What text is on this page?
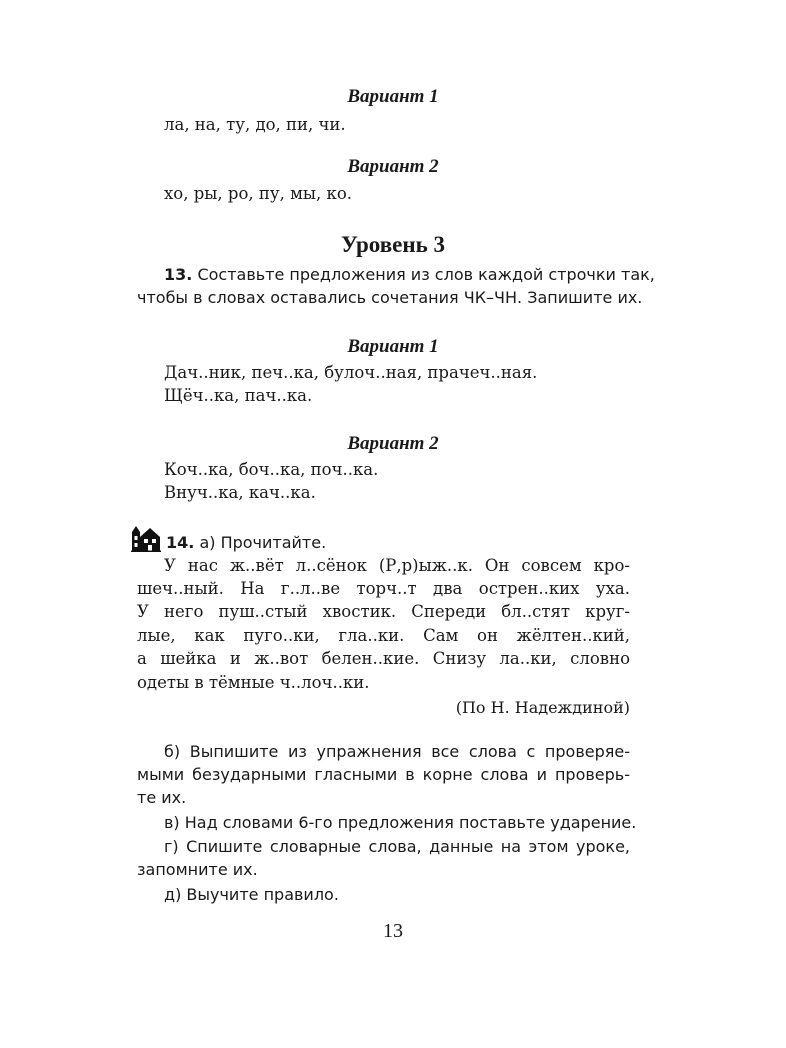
Вариант 1
ла, на, ту, до, пи, чи.
Вариант 2
хо, ры, ро, пу, мы, ко.
Уровень 3
13. Составьте предложения из слов каждой строчки так,
чтобы в словах оставались сочетания ЧК–ЧН. Запишите их.
Вариант 1
Дач..ник, печ..ка, булоч..ная, прачеч..ная.
Щёч..ка, пач..ка.
Вариант 2
Коч..ка, боч..ка, поч..ка.
Внуч..ка, кач..ка.
14. а) Прочитайте.
У нас ж..вёт л..сёнок (Р,р)ыж..к. Он совсем кро-
шеч..ный. На г..л..ве торч..т два острен..ких уха.
У него пуш..стый хвостик. Спереди бл..стят круг-
лые, как пуго..ки, гла..ки. Сам он жёлтен..кий,
а шейка и ж..вот белен..кие. Снизу ла..ки, словно
одеты в тёмные ч..лоч..ки.
(По Н. Надеждиной)
б) Выпишите из упражнения все слова с проверяе-
мыми безударными гласными в корне слова и проверь-
те их.
в) Над словами 6-го предложения поставьте ударение.
г) Спишите словарные слова, данные на этом уроке,
запомните их.
д) Выучите правило.
13
